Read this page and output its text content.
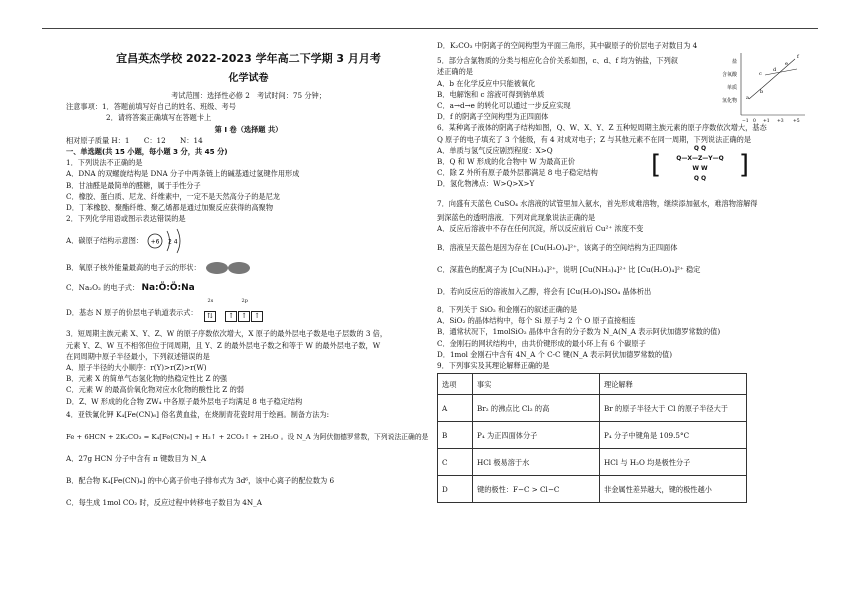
宜昌英杰学校 2022-2023 学年高二下学期 3 月月考
化学试卷
考试范围：选择性必修 2　考试时间：75 分钟；
注意事项：1．答题前填写好自己的姓名、班级、考号
2．请将答案正确填写在答题卡上
第 I 卷（选择题 共）
相对原子质量 H：1　　C：12　　N：14
一、单选题(共 15 小题，每小题 3 分，共 45 分)
1．下列说法不正确的是
A．DNA 的双螺旋结构是 DNA 分子中两条链上的碱基通过氢键作用形成
B．甘油醛是最简单的醛糖，属于手性分子
C．橡胶、蛋白质、尼龙、纤维素中，一定不是天然高分子的是尼龙
D．丁苯橡胶、聚酯纤维、聚乙烯都是通过加聚反应获得的高聚物
2．下列化学用语或图示表达错误的是
A．碳原子结构示意图： +6 2 4
B．氧原子核外能量最高的电子云的形状：
C．Na₂O₂ 的电子式： Na:Ö:Ö:Na
D．基态 N 原子的价层电子轨道表示式：
2s
⇅
2p
↑ ↑ ↑
3．短周期主族元素 X、Y、Z、W 的原子序数依次增大，X 原子的最外层电子数是电子层数的 3 倍，
元素 Y、Z、W 互不相邻但位于同周期，且 Y、Z 的最外层电子数之和等于 W 的最外层电子数，W
在同周期中原子半径最小，下列叙述错误的是
A．原子半径的大小顺序：r(Y)>r(Z)>r(W)
B．元素 X 的简单气态氢化物的热稳定性比 Z 的强
C．元素 W 的最高价氧化物对应水化物的酸性比 Z 的弱
D．Z、W 形成的化合物 ZW₄ 中各原子最外层电子均满足 8 电子稳定结构
4．亚铁氰化钾 K₄[Fe(CN)₆] 俗名黄血盐，在烧制青花瓷时用于绘画。制备方法为:
Fe + 6HCN + 2K₂CO₃ = K₄[Fe(CN)₆] + H₂↑ + 2CO₂↑ + 2H₂O 。设 N_A 为阿伏伽德罗常数，下列说法正确的是
A．27g HCN 分子中含有 π 键数目为 N_A
B．配合物 K₄[Fe(CN)₆] 的中心离子价电子排布式为 3d⁶，该中心离子的配位数为 6
C．每生成 1mol CO₂ 时，反应过程中转移电子数目为 4N_A
D．K₂CO₃ 中阴离子的空间构型为平面三角形，其中碳原子的价层电子对数目为 4
5．部分含氯物质的分类与相应化合价关系如图，c、d、f 均为钠盐，下列叙
述正确的是
A．b 在化学反应中只能被氧化
B．电解饱和 c 溶液可得到钠单质
C．a→d→e 的转化可以通过一步反应实现
D．f 的阴离子空间构型为正四面体
盐
含氧酸
单质
氢化物 a
b
c
d
e
f
−1 0 +1 +3 +5
6．某种离子液体的阴离子结构如图，Q、W、X、Y、Z 五种短周期主族元素的原子序数依次增大，基态
Q 原子的电子填充了 3 个能级，有 4 对成对电子；Z 与其他元素不在同一周期，下列说法正确的是
A．单质与氢气反应剧烈程度：X>Q
B．Q 和 W 形成的化合物中 W 为最高正价
C．除 Z 外所有原子最外层都满足 8 电子稳定结构
D．氢化物沸点：W>Q>X>Y
[
Q Q
Q—X—Z—Y—Q
W W
Q Q	]
7．向盛有天蓝色 CuSO₄ 水溶液的试管里加入氨水，首先形成难溶物，继续添加氨水，难溶物溶解得
到深蓝色的透明溶液．下列对此现象说法正确的是
A．反应后溶液中不存在任何沉淀，所以反应前后 Cu²⁺ 浓度不变
B．溶液呈天蓝色是因为存在 [Cu(H₂O)₄]²⁺，该离子的空间结构为正四面体
C．深蓝色的配离子为 [Cu(NH₃)₄]²⁺，说明 [Cu(NH₃)₄]²⁺ 比 [Cu(H₂O)₄]²⁺ 稳定
D．若向反应后的溶液加入乙醇，将会有 [Cu(H₂O)₄]SO₄ 晶体析出
8．下列关于 SiO₂ 和金刚石的叙述正确的是
A．SiO₂ 的晶体结构中，每个 Si 原子与 2 个 O 原子直接相连
B．通常状况下，1molSiO₂ 晶体中含有的分子数为 N_A(N_A 表示阿伏加德罗常数的值)
C．金刚石的网状结构中，由共价键形成的最小环上有 6 个碳原子
D．1mol 金刚石中含有 4N_A 个 C-C 键(N_A 表示阿伏加德罗常数的值)
9．下列事实及其理论解释正确的是
选项	事实	理论解释
A	Br₂ 的沸点比 Cl₂ 的高	Br 的原子半径大于 Cl 的原子半径大于
B	P₄ 为正四面体分子	P₄ 分子中键角是 109.5°C
C	HCl 极易溶于水	HCl 与 H₂O 均是极性分子
D	键的极性：F−C > Cl−C	非金属性差异越大，键的极性越小
